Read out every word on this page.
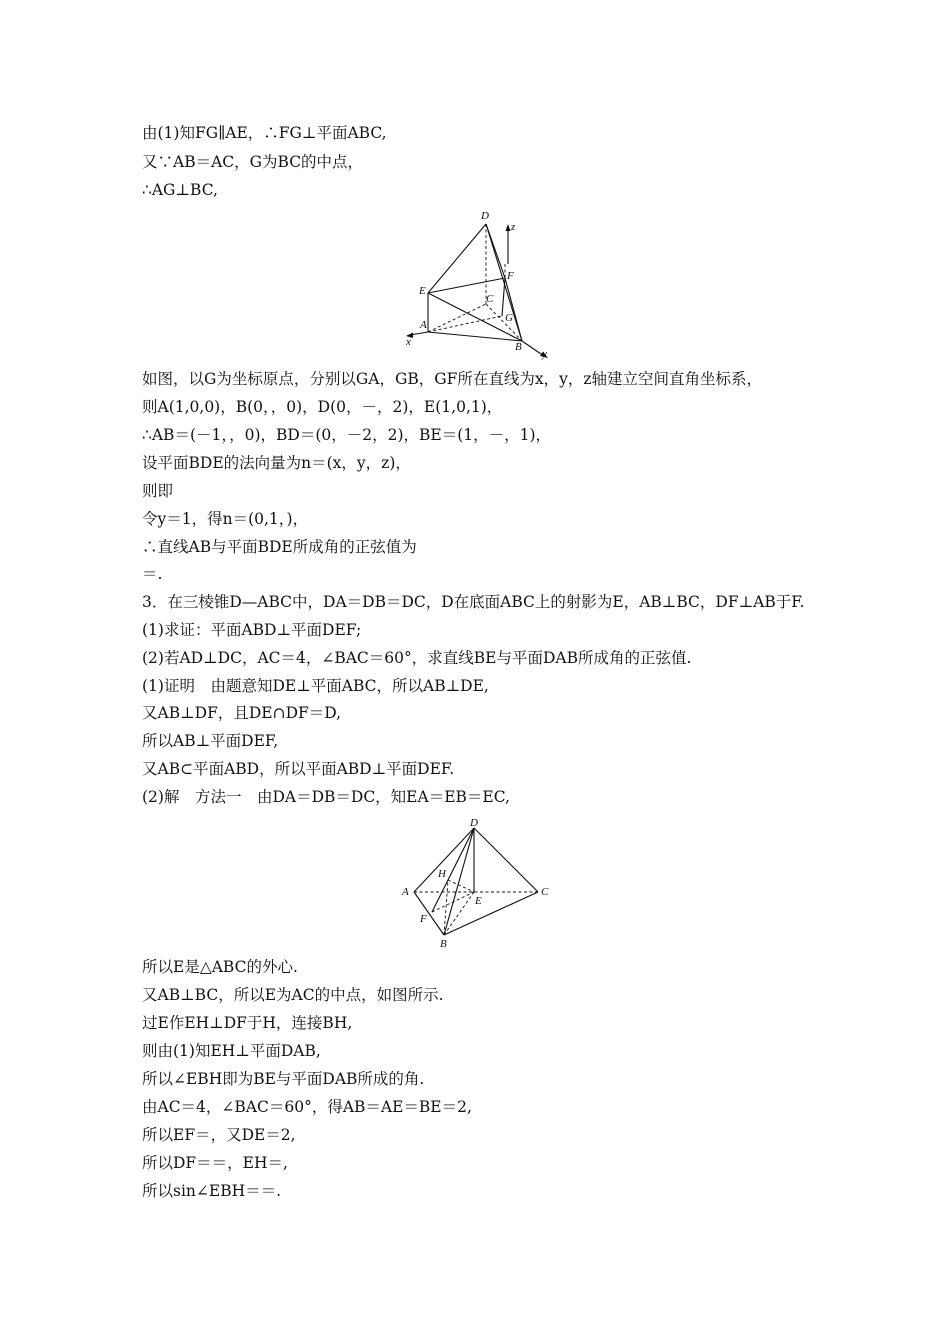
由(1)知FG∥AE，∴FG⊥平面ABC,
又∵AB＝AC，G为BC的中点，
∴AG⊥BC,
D
z
F
E
C
G
A
x	B
y
如图，以G为坐标原点，分别以GA，GB，GF所在直线为x，y，z轴建立空间直角坐标系，
则A(1,0,0)，B(0，，0)，D(0，－，2)，E(1,0,1)，
∴AB＝(－1，，0)，BD＝(0，－2，2)，BE＝(1，－，1)，
设平面BDE的法向量为n＝(x，y，z)，
则即
令y＝1，得n＝(0,1，)，
∴直线AB与平面BDE所成角的正弦值为
＝.
3．在三棱锥D—ABC中，DA＝DB＝DC，D在底面ABC上的射影为E，AB⊥BC，DF⊥AB于F.
(1)求证：平面ABD⊥平面DEF;
(2)若AD⊥DC，AC＝4，∠BAC＝60°，求直线BE与平面DAB所成角的正弦值.
(1)证明　由题意知DE⊥平面ABC，所以AB⊥DE,
又AB⊥DF，且DE∩DF＝D,
所以AB⊥平面DEF,
又AB⊂平面ABD，所以平面ABD⊥平面DEF.
(2)解　方法一　由DA＝DB＝DC，知EA＝EB＝EC,
D
H
A
E
C
F
B
所以E是△ABC的外心.
又AB⊥BC，所以E为AC的中点，如图所示.
过E作EH⊥DF于H，连接BH,
则由(1)知EH⊥平面DAB,
所以∠EBH即为BE与平面DAB所成的角.
由AC＝4，∠BAC＝60°，得AB＝AE＝BE＝2,
所以EF＝，又DE＝2,
所以DF＝＝，EH＝,
所以sin∠EBH＝＝.
